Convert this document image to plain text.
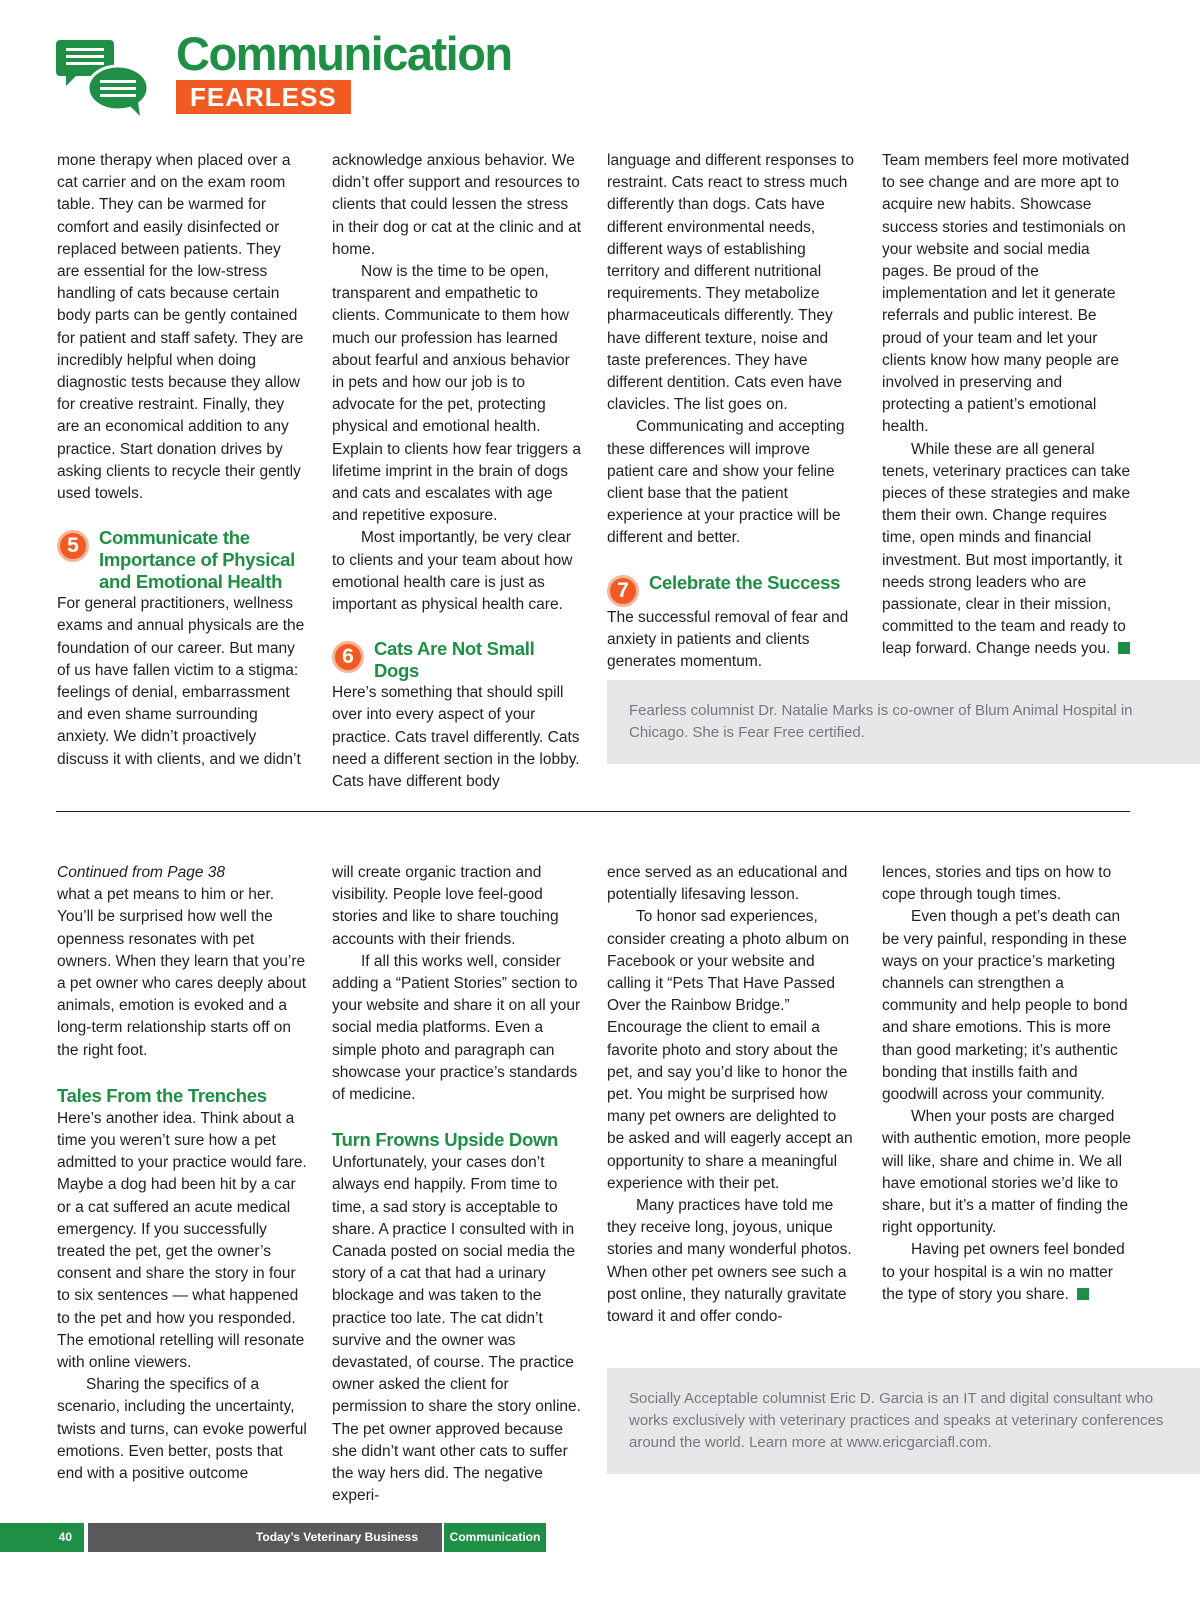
Communication
FEARLESS

mone therapy when placed over a cat carrier and on the exam room table. They can be warmed for comfort and easily disinfected or replaced between patients. They are essential for the low-stress handling of cats because certain body parts can be gently contained for patient and staff safety. They are incredibly helpful when doing diagnostic tests because they allow for creative restraint. Finally, they are an economical addition to any practice. Start donation drives by asking clients to recycle their gently used towels.

5	Communicate the Importance of Physical and Emotional Health

For general practitioners, wellness exams and annual physicals are the foundation of our career. But many of us have fallen victim to a stigma: feelings of denial, embarrassment and even shame surrounding anxiety. We didn’t proactively discuss it with clients, and we didn’t

acknowledge anxious behavior. We didn’t offer support and resources to clients that could lessen the stress in their dog or cat at the clinic and at home.

Now is the time to be open, transparent and empathetic to clients. Communicate to them how much our profession has learned about fearful and anxious behavior in pets and how our job is to advocate for the pet, protecting physical and emotional health. Explain to clients how fear triggers a lifetime imprint in the brain of dogs and cats and escalates with age and repetitive exposure.

Most importantly, be very clear to clients and your team about how emotional health care is just as important as physical health care.

6	Cats Are Not Small Dogs

Here’s something that should spill over into every aspect of your practice. Cats travel differently. Cats need a different section in the lobby. Cats have different body

language and different responses to restraint. Cats react to stress much differently than dogs. Cats have different environmental needs, different ways of establishing territory and different nutritional requirements. They metabolize pharmaceuticals differently. They have different texture, noise and taste preferences. They have different dentition. Cats even have clavicles. The list goes on.

Communicating and accepting these differences will improve patient care and show your feline client base that the patient experience at your practice will be different and better.

7	Celebrate the Success

The successful removal of fear and anxiety in patients and clients generates momentum.

Team members feel more motivated to see change and are more apt to acquire new habits. Showcase success stories and testimonials on your website and social media pages. Be proud of the implementation and let it generate referrals and public interest. Be proud of your team and let your clients know how many people are involved in preserving and protecting a patient’s emotional health.

While these are all general tenets, veterinary practices can take pieces of these strategies and make them their own. Change requires time, open minds and financial investment. But most importantly, it needs strong leaders who are passionate, clear in their mission, committed to the team and ready to leap forward. Change needs you.

Fearless columnist Dr. Natalie Marks is co-owner of Blum Animal Hospital in Chicago. She is Fear Free certified.

Continued from Page 38

what a pet means to him or her. You’ll be surprised how well the openness resonates with pet owners. When they learn that you’re a pet owner who cares deeply about animals, emotion is evoked and a long-term relationship starts off on the right foot.

Tales From the Trenches

Here’s another idea. Think about a time you weren’t sure how a pet admitted to your practice would fare. Maybe a dog had been hit by a car or a cat suffered an acute medical emergency. If you successfully treated the pet, get the owner’s consent and share the story in four to six sentences — what happened to the pet and how you responded. The emotional retelling will resonate with online viewers.

Sharing the specifics of a scenario, including the uncertainty, twists and turns, can evoke powerful emotions. Even better, posts that end with a positive outcome

will create organic traction and visibility. People love feel-good stories and like to share touching accounts with their friends.

If all this works well, consider adding a “Patient Stories” section to your website and share it on all your social media platforms. Even a simple photo and paragraph can showcase your practice’s standards of medicine.

Turn Frowns Upside Down

Unfortunately, your cases don’t always end happily. From time to time, a sad story is acceptable to share. A practice I consulted with in Canada posted on social media the story of a cat that had a urinary blockage and was taken to the practice too late. The cat didn’t survive and the owner was devastated, of course. The practice owner asked the client for permission to share the story online. The pet owner approved because she didn’t want other cats to suffer the way hers did. The negative experi-

ence served as an educational and potentially lifesaving lesson.

To honor sad experiences, consider creating a photo album on Facebook or your website and calling it “Pets That Have Passed Over the Rainbow Bridge.” Encourage the client to email a favorite photo and story about the pet, and say you’d like to honor the pet. You might be surprised how many pet owners are delighted to be asked and will eagerly accept an opportunity to share a meaningful experience with their pet.

Many practices have told me they receive long, joyous, unique stories and many wonderful photos. When other pet owners see such a post online, they naturally gravitate toward it and offer condo-

lences, stories and tips on how to cope through tough times.

Even though a pet’s death can be very painful, responding in these ways on your practice’s marketing channels can strengthen a community and help people to bond and share emotions. This is more than good marketing; it’s authentic bonding that instills faith and goodwill across your community.

When your posts are charged with authentic emotion, more people will like, share and chime in. We all have emotional stories we’d like to share, but it’s a matter of finding the right opportunity.

Having pet owners feel bonded to your hospital is a win no matter the type of story you share.

Socially Acceptable columnist Eric D. Garcia is an IT and digital consultant who works exclusively with veterinary practices and speaks at veterinary conferences around the world. Learn more at www.ericgarciafl.com.
40	Today’s Veterinary Business	Communication
